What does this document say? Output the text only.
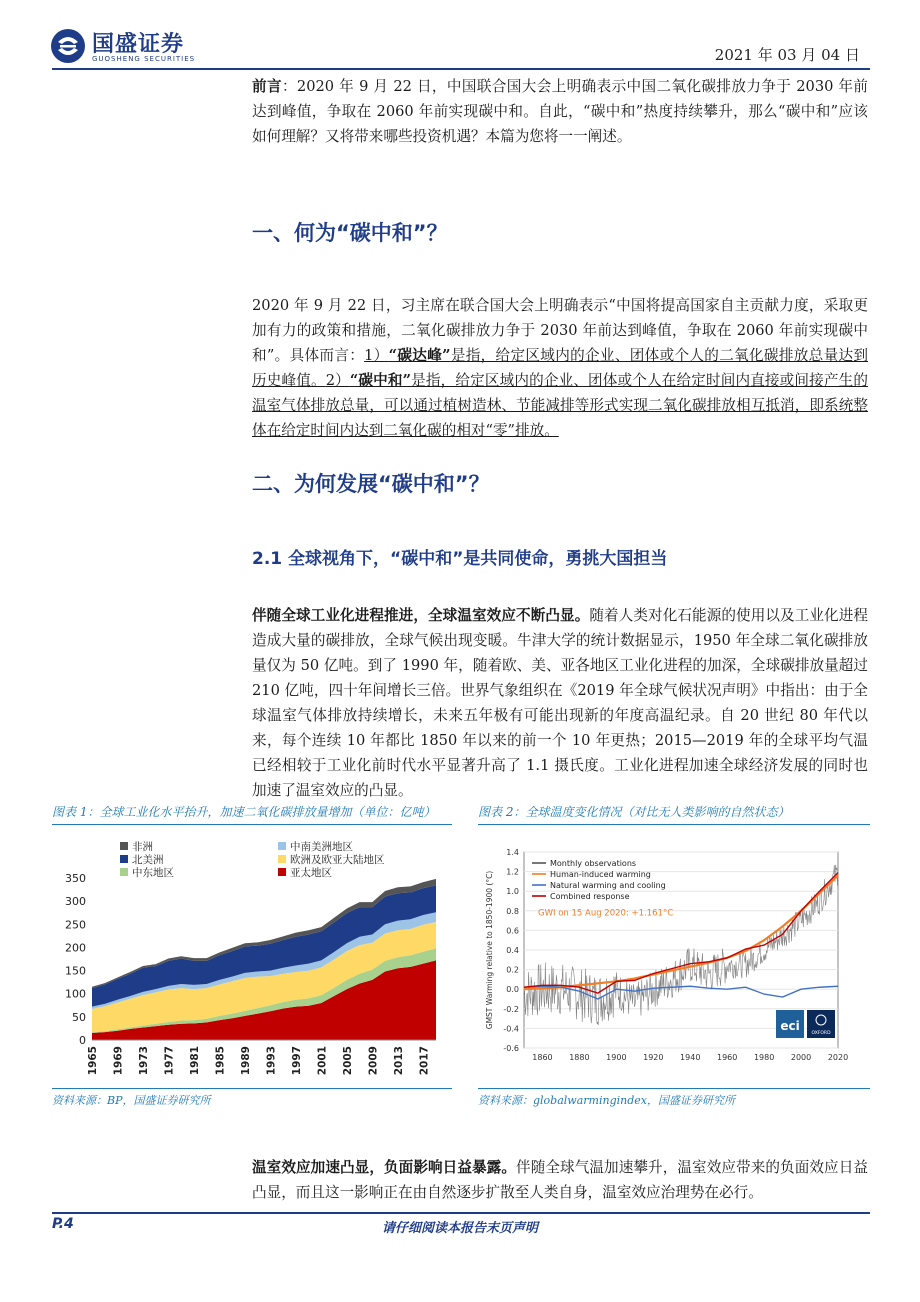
国盛证券
GUOSHENG SECURITIES	2021 年 03 月 04 日
前言：2020 年 9 月 22 日，中国联合国大会上明确表示中国二氧化碳排放力争于 2030 年前达到峰值，争取在 2060 年前实现碳中和。自此，“碳中和”热度持续攀升，那么“碳中和”应该如何理解？又将带来哪些投资机遇？本篇为您将一一阐述。
一、何为“碳中和”？
2020 年 9 月 22 日，习主席在联合国大会上明确表示“中国将提高国家自主贡献力度，采取更加有力的政策和措施，二氧化碳排放力争于 2030 年前达到峰值，争取在 2060 年前实现碳中和”。具体而言：1）“碳达峰”是指，给定区域内的企业、团体或个人的二氧化碳排放总量达到历史峰值。2）“碳中和”是指，给定区域内的企业、团体或个人在给定时间内直接或间接产生的温室气体排放总量，可以通过植树造林、节能减排等形式实现二氧化碳排放相互抵消，即系统整体在给定时间内达到二氧化碳的相对“零”排放。
二、为何发展“碳中和”？
2.1 全球视角下，“碳中和”是共同使命，勇挑大国担当
伴随全球工业化进程推进，全球温室效应不断凸显。随着人类对化石能源的使用以及工业化进程造成大量的碳排放，全球气候出现变暖。牛津大学的统计数据显示，1950 年全球二氧化碳排放量仅为 50 亿吨。到了 1990 年，随着欧、美、亚各地区工业化进程的加深，全球碳排放量超过 210 亿吨，四十年间增长三倍。世界气象组织在《2019 年全球气候状况声明》中指出：由于全球温室气体排放持续增长，未来五年极有可能出现新的年度高温纪录。自 20 世纪 80 年代以来，每个连续 10 年都比 1850 年以来的前一个 10 年更热；2015—2019 年的全球平均气温已经相较于工业化前时代水平显著升高了 1.1 摄氏度。工业化进程加速全球经济发展的同时也加速了温室效应的凸显。
图表 1：全球工业化水平抬升，加速二氧化碳排放量增加（单位：亿吨）	图表 2：全球温度变化情况（对比无人类影响的自然状态）
非洲	中南美洲地区
北美洲	欧洲及欧亚大陆地区
中东地区	亚太地区
0
50
100
150
200
250
300
350
1965 1969 1973 1977 1981 1985 1989 1993 1997 2001 2005 2009 2013 2017	-0.6
-0.4
-0.2
0.0
0.2
0.4
0.6
0.8
1.0
1.2
1.4
1860 1880 1900 1920 1940 1960 1980 2000 2020
GMST Warming relative to 1850-1900 (°C)
Monthly observations
Human-induced warming
Natural warming and cooling
Combined response
GWI on 15 Aug 2020: +1.161°C
eci
OXFORD
资料来源：BP，国盛证券研究所	资料来源：globalwarmingindex，国盛证券研究所
温室效应加速凸显，负面影响日益暴露。伴随全球气温加速攀升，温室效应带来的负面效应日益凸显，而且这一影响正在由自然逐步扩散至人类自身，温室效应治理势在必行。
P.4	请仔细阅读本报告末页声明
